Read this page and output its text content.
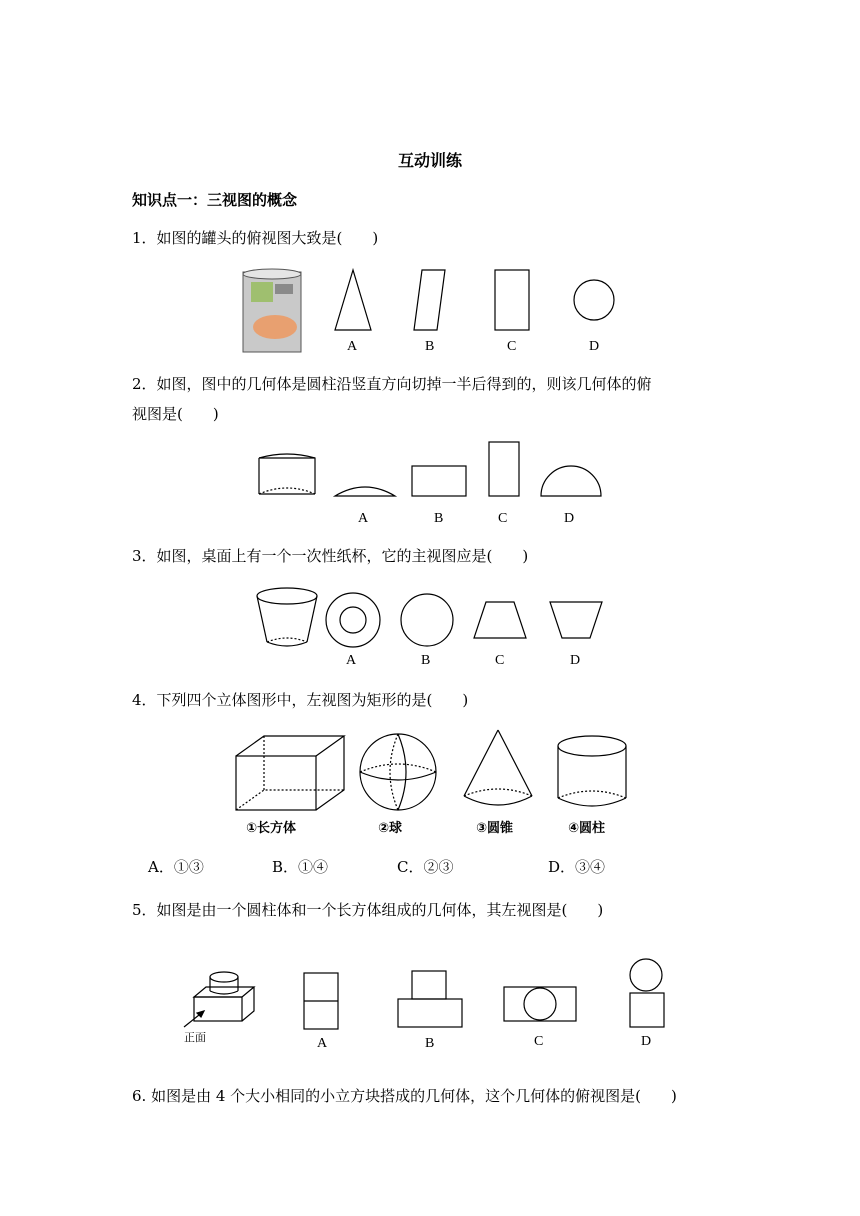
互动训练
知识点一：三视图的概念
1．如图的罐头的俯视图大致是(　　)
A	B	C	D
2．如图，图中的几何体是圆柱沿竖直方向切掉一半后得到的，则该几何体的俯
视图是(　　)
A	B	C	D
3．如图，桌面上有一个一次性纸杯，它的主视图应是(　　)
A	B	C	D
4．下列四个立体图形中，左视图为矩形的是(　　)
①长方体	②球	③圆锥	④圆柱
A．①③	B．①④	C．②③	D．③④
5．如图是由一个圆柱体和一个长方体组成的几何体，其左视图是(　　)
正面	A	B	C	D
6. 如图是由 4 个大小相同的小立方块搭成的几何体，这个几何体的俯视图是(　　)
